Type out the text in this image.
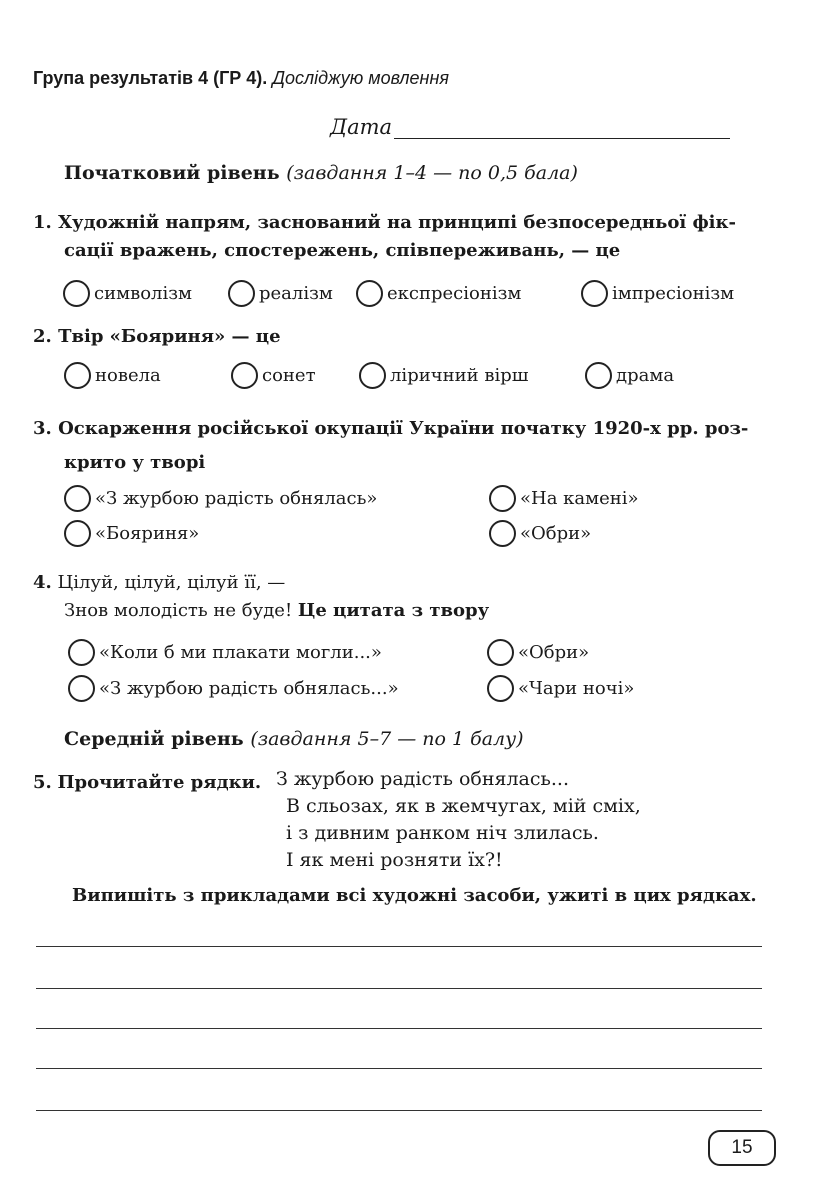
Група результатів 4 (ГР 4). Досліджую мовлення
Дата
Початковий рівень (завдання 1–4 — по 0,5 бала)
1. Художній напрям, заснований на принципі безпосередньої фік-
сації вражень, спостережень, співпереживань, — це
символізм	реалізм	експресіонізм	імпресіонізм
2. Твір «Бояриня» — це
новела	сонет	ліричний вірш	драма
3. Оскарження російської окупації України початку 1920-х рр. роз-
крито у творі
«З журбою радість обнялась»	«На камені»
«Бояриня»	«Обри»
4. Цілуй, цілуй, цілуй її, —
Знов молодість не буде! Це цитата з твору
«Коли б ми плакати могли...»	«Обри»
«З журбою радість обнялась...»	«Чари ночі»
Середній рівень (завдання 5–7 — по 1 балу)
5. Прочитайте рядки. З журбою радість обнялась...
В сльозах, як в жемчугах, мій сміх,
і з дивним ранком ніч злилась.
І як мені розняти їх?!
Випишіть з прикладами всі художні засоби, ужиті в цих рядках.
15
